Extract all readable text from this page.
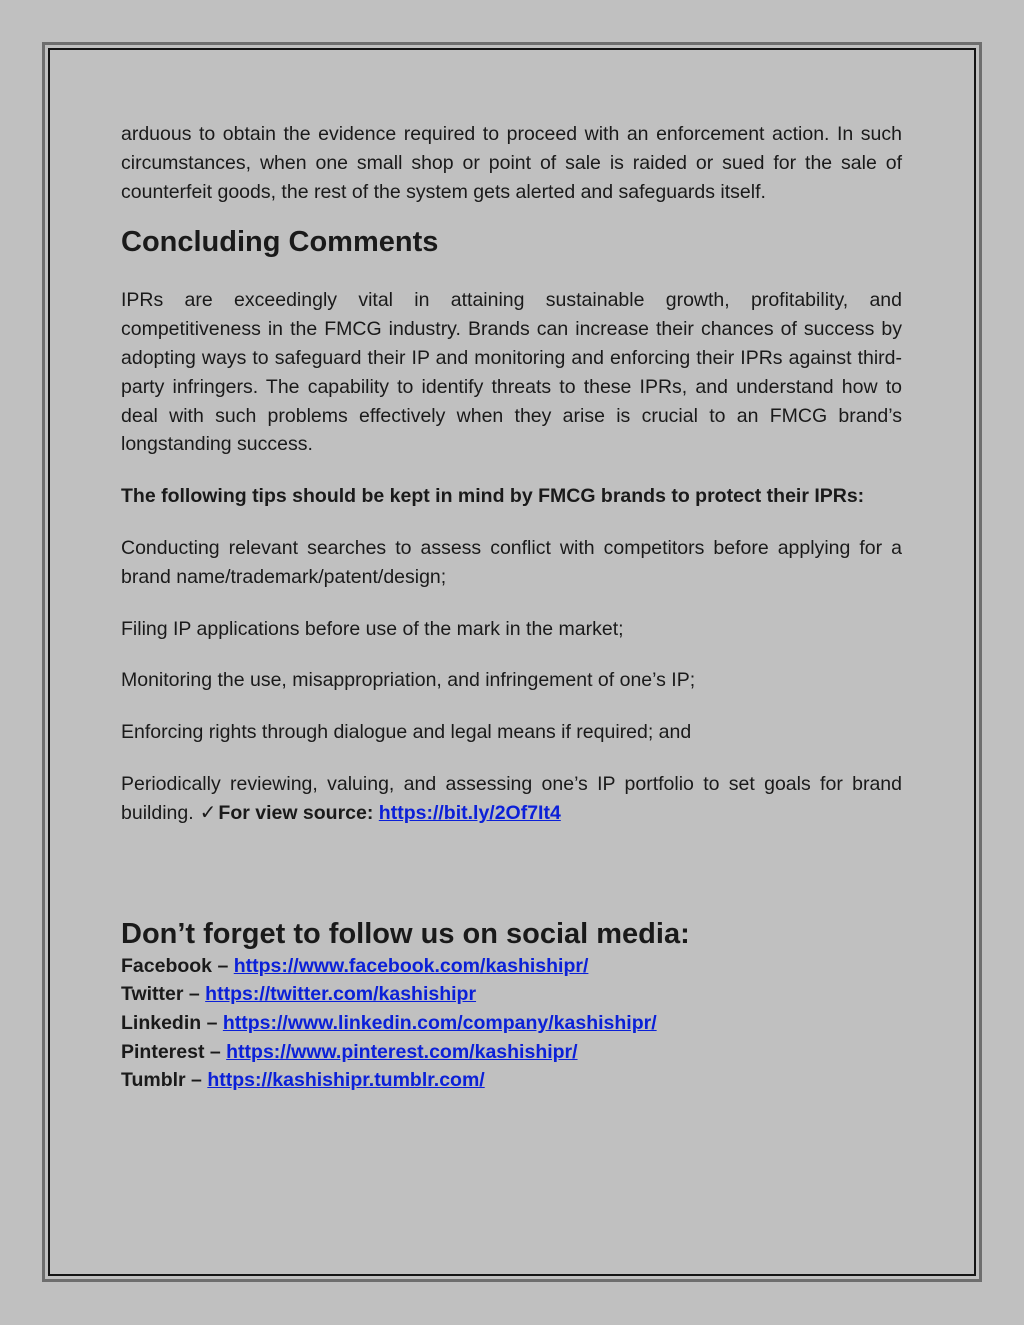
arduous to obtain the evidence required to proceed with an enforcement action. In such circumstances, when one small shop or point of sale is raided or sued for the sale of counterfeit goods, the rest of the system gets alerted and safeguards itself.

Concluding Comments

IPRs are exceedingly vital in attaining sustainable growth, profitability, and competitiveness in the FMCG industry. Brands can increase their chances of success by adopting ways to safeguard their IP and monitoring and enforcing their IPRs against third-party infringers. The capability to identify threats to these IPRs, and understand how to deal with such problems effectively when they arise is crucial to an FMCG brand’s longstanding success.

The following tips should be kept in mind by FMCG brands to protect their IPRs:

Conducting relevant searches to assess conflict with competitors before applying for a brand name/trademark/patent/design;

Filing IP applications before use of the mark in the market;

Monitoring the use, misappropriation, and infringement of one’s IP;

Enforcing rights through dialogue and legal means if required; and

Periodically reviewing, valuing, and assessing one’s IP portfolio to set goals for brand building. ✓ For view source: https://bit.ly/2Of7It4

Don’t forget to follow us on social media:
Facebook – https://www.facebook.com/kashishipr/
Twitter – https://twitter.com/kashishipr
Linkedin – https://www.linkedin.com/company/kashishipr/
Pinterest – https://www.pinterest.com/kashishipr/
Tumblr – https://kashishipr.tumblr.com/
